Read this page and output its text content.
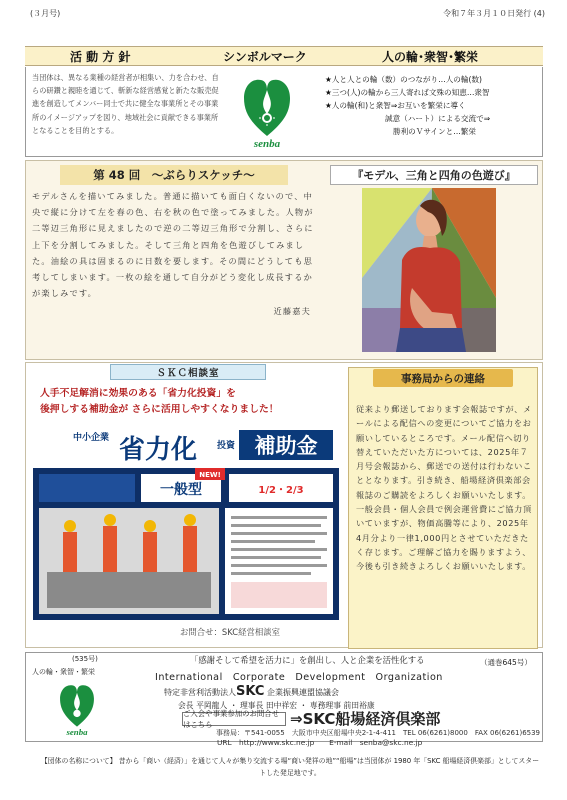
(３月号)	令和７年３月１０日発行 (4)
活 動 方 針	シンボルマーク	人の輪･衆智･繁栄
当団体は、異なる業種の経営者が相集い、力を合わせ、自らの研鑽と親睦を通じて、斬新な経営感覚と新たな販売促進を創造してメンバー同士で共に健全な事業所とその事業所のイメージアップを図り、地域社会に貢献できる事業所となることを目的とする。
senba
★人と人との輪（数）のつながり…人の輪(数)
★三つ(人)の輪から三人寄れば文殊の知恵…衆智
★人の輪(和)と衆智⇒お互いを繁栄に導く
誠意（ハート）による交流で⇒
勝利のＶサインと…繁栄
第 48 回　～ぶらりスケッチ～	『モデル、三角と四角の色遊び』
モデルさんを描いてみました。普通に描いても面白くないので、中央で縦に分けて左を春の色、右を秋の色で塗ってみました。人物が二等辺三角形に見えましたので逆の二等辺三角形で分割し、さらに上下を分割してみました。そして三角と四角を色遊びしてみました。油絵の具は固まるのに日数を要します。その間にどうしても思考してしまいます。一枚の絵を通して自分がどう変化し成長するかが楽しみです。
近藤嘉夫
ＳＫＣ相談室
人手不足解消に効果のある「省力化投資」を
後押しする補助金が さらに活用しやすくなりました！
中小企業 省力化 投資 補助金
一般型
NEW!
1/2・2/3
お問合せ：SKC経営相談室
事務局からの連絡
従来より郵送しております会報誌ですが、メールによる配信への変更についてご協力をお願いしているところです。メール配信へ切り替えていただいた方については、2025年７月号会報誌から、郵送での送付は行わないこととなります。引き続き、船場経済倶楽部会報誌のご購読をよろしくお願いいたします。一般会員・個人会員で例会運営費にご協力頂いていますが、物価高騰等により、2025年4月分より一律1,000円とさせていただきたく存じます。ご理解ご協力を賜りますよう、今後も引き続きよろしくお願いいたします。
(535号)
人の輪・衆智・繁栄
senba
「感謝そして希望を活力に」を創出し、人と企業を活性化する	（通巻645号）
International　Corporate　Development　Organization
特定非営利活動法人SKC 企業振興連盟協議会
会長 平岡龍人 ・ 理事長 田中祥宏 ・ 専務理事 前田裕康
ご入会や事業参加のお問合せはこちら	⇒SKC船場経済倶楽部
事務局：〒541-0055　大阪市中央区船場中央2-1-4-411　TEL 06(6261)8000　FAX 06(6261)6539
URL　http://www.skc.ne.jp　　E-mail　senba@skc.ne.jp
【団体の名称について】 昔から「商い（経済）」を通じて人々が集り交流する場“商い発祥の地”“船場”は当団体が 1980 年「SKC 船場経済倶楽部」としてスタートした発足地です。
